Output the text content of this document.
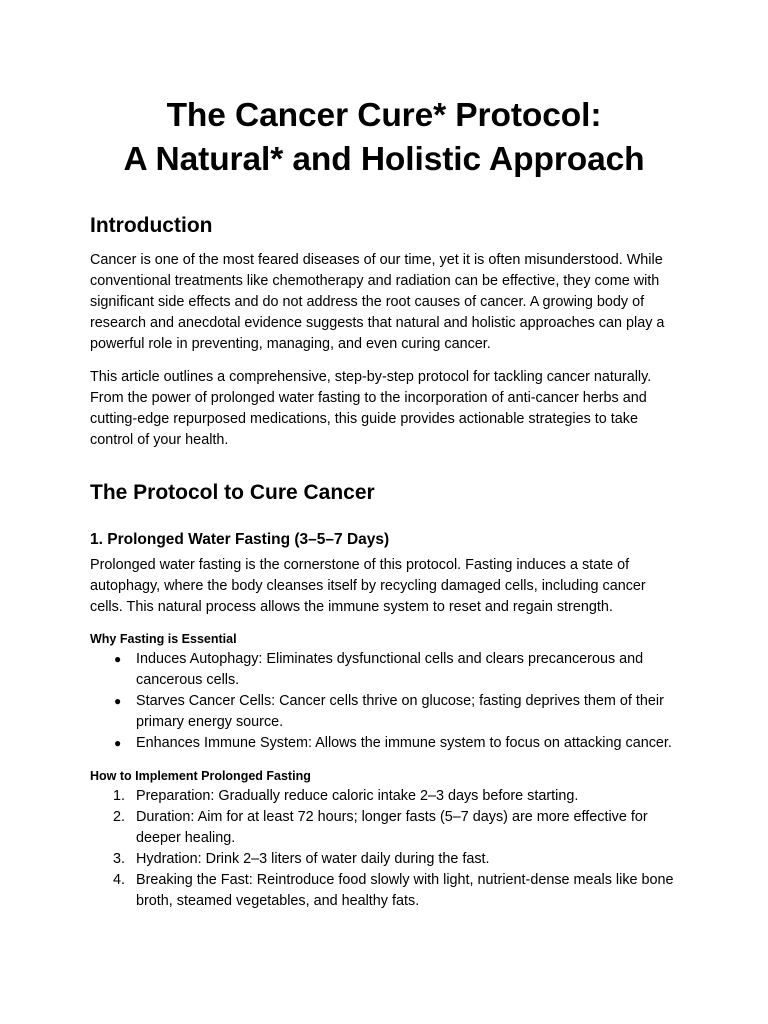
The Cancer Cure* Protocol:
A Natural* and Holistic Approach
Introduction

Cancer is one of the most feared diseases of our time, yet it is often misunderstood. While conventional treatments like chemotherapy and radiation can be effective, they come with significant side effects and do not address the root causes of cancer. A growing body of research and anecdotal evidence suggests that natural and holistic approaches can play a powerful role in preventing, managing, and even curing cancer.

This article outlines a comprehensive, step-by-step protocol for tackling cancer naturally. From the power of prolonged water fasting to the incorporation of anti-cancer herbs and cutting-edge repurposed medications, this guide provides actionable strategies to take control of your health.

The Protocol to Cure Cancer
1. Prolonged Water Fasting (3–5–7 Days)

Prolonged water fasting is the cornerstone of this protocol. Fasting induces a state of autophagy, where the body cleanses itself by recycling damaged cells, including cancer cells. This natural process allows the immune system to reset and regain strength.

Why Fasting is Essential
● Induces Autophagy: Eliminates dysfunctional cells and clears precancerous and cancerous cells.
● Starves Cancer Cells: Cancer cells thrive on glucose; fasting deprives them of their primary energy source.
● Enhances Immune System: Allows the immune system to focus on attacking cancer.
How to Implement Prolonged Fasting
1. Preparation: Gradually reduce caloric intake 2–3 days before starting.
2. Duration: Aim for at least 72 hours; longer fasts (5–7 days) are more effective for deeper healing.
3. Hydration: Drink 2–3 liters of water daily during the fast.
4. Breaking the Fast: Reintroduce food slowly with light, nutrient-dense meals like bone broth, steamed vegetables, and healthy fats.
